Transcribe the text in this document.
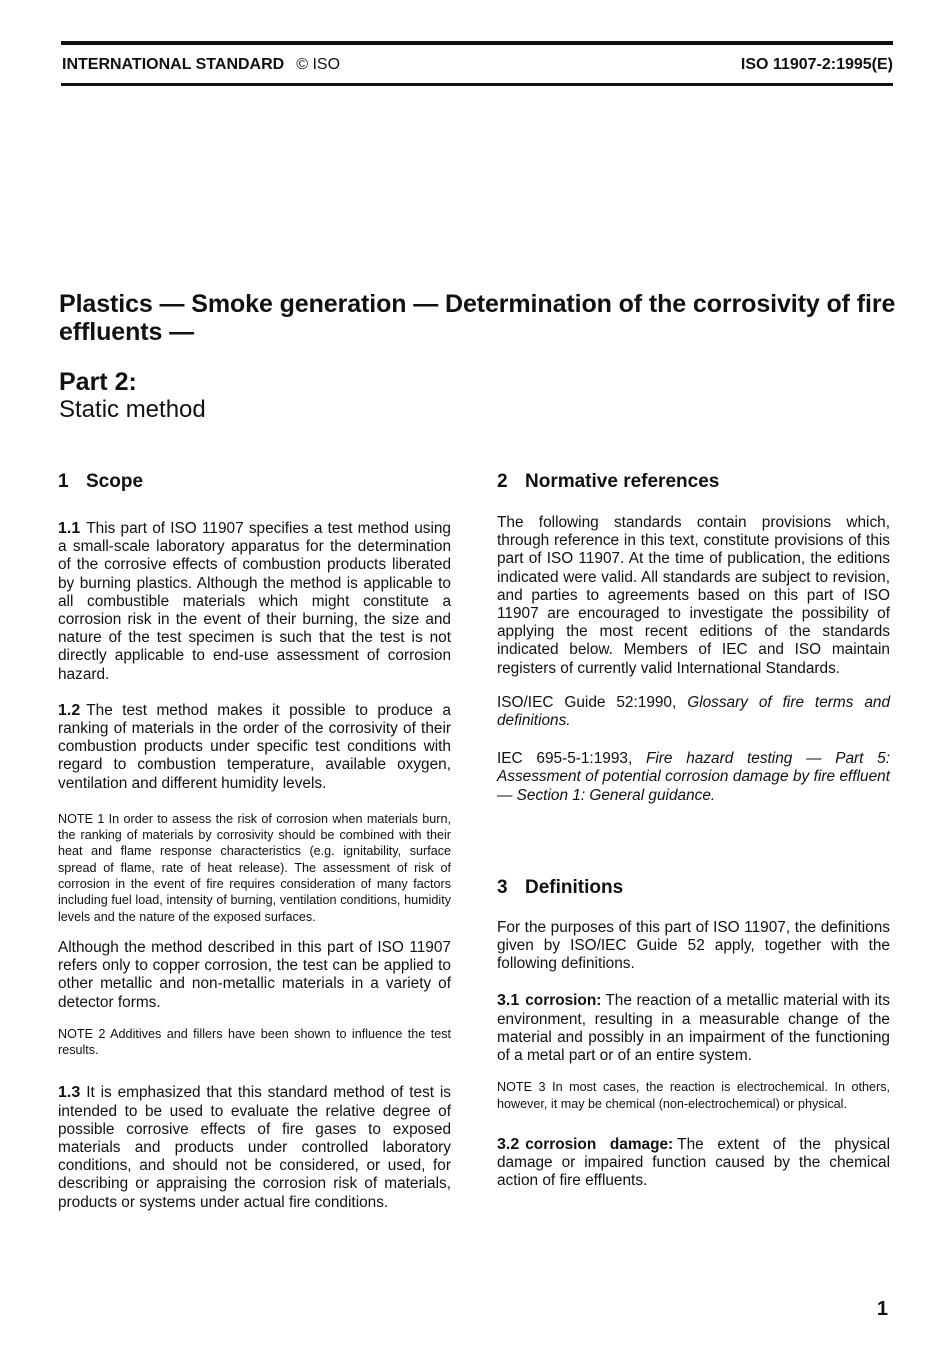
INTERNATIONAL STANDARD © ISO	ISO 11907-2:1995(E)
Plastics — Smoke generation — Determination of the corrosivity of fire effluents —
Part 2:
Static method
1 Scope

1.1 This part of ISO 11907 specifies a test method using a small-scale laboratory apparatus for the determination of the corrosive effects of combustion products liberated by burning plastics. Although the method is applicable to all combustible materials which might constitute a corrosion risk in the event of their burning, the size and nature of the test specimen is such that the test is not directly applicable to end-use assessment of corrosion hazard.

1.2 The test method makes it possible to produce a ranking of materials in the order of the corrosivity of their combustion products under specific test conditions with regard to combustion temperature, available oxygen, ventilation and different humidity levels.

NOTE 1 In order to assess the risk of corrosion when materials burn, the ranking of materials by corrosivity should be combined with their heat and flame response characteristics (e.g. ignitability, surface spread of flame, rate of heat release). The assessment of risk of corrosion in the event of fire requires consideration of many factors including fuel load, intensity of burning, ventilation conditions, humidity levels and the nature of the exposed surfaces.

Although the method described in this part of ISO 11907 refers only to copper corrosion, the test can be applied to other metallic and non-metallic materials in a variety of detector forms.

NOTE 2 Additives and fillers have been shown to influence the test results.

1.3 It is emphasized that this standard method of test is intended to be used to evaluate the relative degree of possible corrosive effects of fire gases to exposed materials and products under controlled laboratory conditions, and should not be considered, or used, for describing or appraising the corrosion risk of materials, products or systems under actual fire conditions.

2 Normative references

The following standards contain provisions which, through reference in this text, constitute provisions of this part of ISO 11907. At the time of publication, the editions indicated were valid. All standards are subject to revision, and parties to agreements based on this part of ISO 11907 are encouraged to investigate the possibility of applying the most recent editions of the standards indicated below. Members of IEC and ISO maintain registers of currently valid International Standards.

ISO/IEC Guide 52:1990, Glossary of fire terms and definitions.

IEC 695-5-1:1993, Fire hazard testing — Part 5: Assessment of potential corrosion damage by fire effluent — Section 1: General guidance.

3 Definitions

For the purposes of this part of ISO 11907, the definitions given by ISO/IEC Guide 52 apply, together with the following definitions.

3.1 corrosion: The reaction of a metallic material with its environment, resulting in a measurable change of the material and possibly in an impairment of the functioning of a metal part or of an entire system.

NOTE 3 In most cases, the reaction is electrochemical. In others, however, it may be chemical (non-electrochemical) or physical.

3.2 corrosion damage: The extent of the physical damage or impaired function caused by the chemical action of fire effluents.

1
